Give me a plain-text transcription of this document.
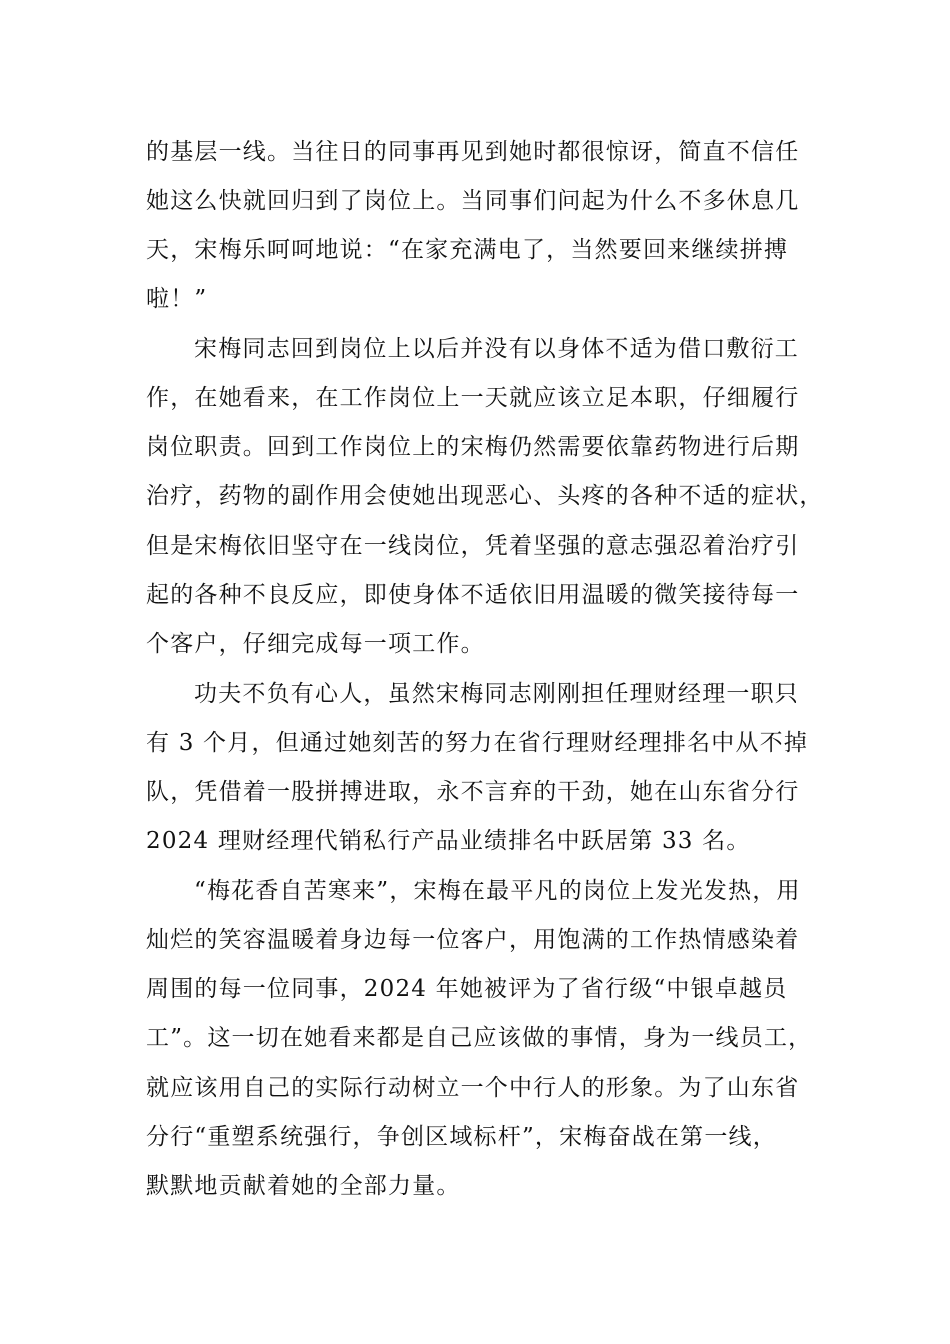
的基层一线。当往日的同事再见到她时都很惊讶，简直不信任
她这么快就回归到了岗位上。当同事们问起为什么不多休息几
天，宋梅乐呵呵地说：“在家充满电了，当然要回来继续拼搏
啦！”
宋梅同志回到岗位上以后并没有以身体不适为借口敷衍工
作，在她看来，在工作岗位上一天就应该立足本职，仔细履行
岗位职责。回到工作岗位上的宋梅仍然需要依靠药物进行后期
治疗，药物的副作用会使她出现恶心、头疼的各种不适的症状，
但是宋梅依旧坚守在一线岗位，凭着坚强的意志强忍着治疗引
起的各种不良反应，即使身体不适依旧用温暖的微笑接待每一
个客户，仔细完成每一项工作。
功夫不负有心人，虽然宋梅同志刚刚担任理财经理一职只
有 3 个月，但通过她刻苦的努力在省行理财经理排名中从不掉
队，凭借着一股拼搏进取，永不言弃的干劲，她在山东省分行
2024 理财经理代销私行产品业绩排名中跃居第 33 名。
“梅花香自苦寒来”，宋梅在最平凡的岗位上发光发热，用
灿烂的笑容温暖着身边每一位客户，用饱满的工作热情感染着
周围的每一位同事，2024 年她被评为了省行级“中银卓越员
工”。这一切在她看来都是自己应该做的事情，身为一线员工，
就应该用自己的实际行动树立一个中行人的形象。为了山东省
分行“重塑系统强行，争创区域标杆”，宋梅奋战在第一线，
默默地贡献着她的全部力量。
